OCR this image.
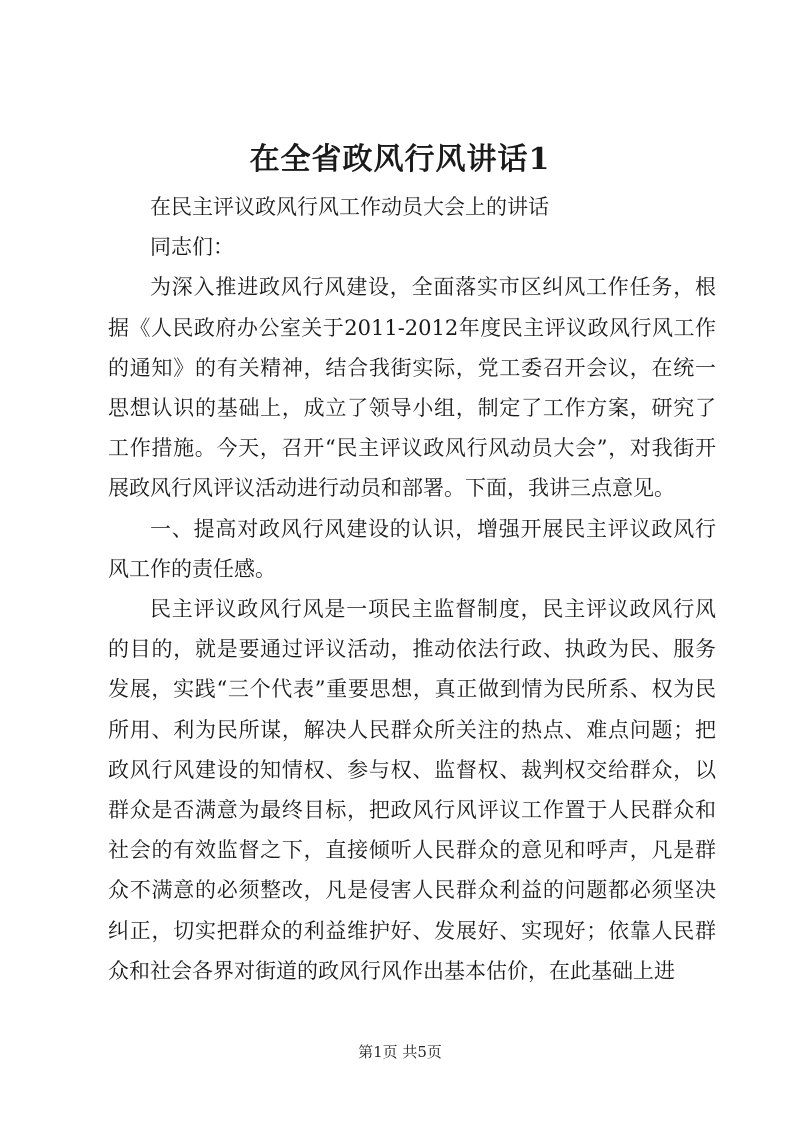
在全省政风行风讲话1

在民主评议政风行风工作动员大会上的讲话

同志们：

为深入推进政风行风建设，全面落实市区纠风工作任务，根据《人民政府办公室关于2011-2012年度民主评议政风行风工作的通知》的有关精神，结合我街实际，党工委召开会议，在统一思想认识的基础上，成立了领导小组，制定了工作方案，研究了工作措施。今天，召开“民主评议政风行风动员大会”，对我街开展政风行风评议活动进行动员和部署。下面，我讲三点意见。

一、提高对政风行风建设的认识，增强开展民主评议政风行风工作的责任感。

民主评议政风行风是一项民主监督制度，民主评议政风行风的目的，就是要通过评议活动，推动依法行政、执政为民、服务发展，实践“三个代表”重要思想，真正做到情为民所系、权为民所用、利为民所谋，解决人民群众所关注的热点、难点问题；把政风行风建设的知情权、参与权、监督权、裁判权交给群众，以群众是否满意为最终目标，把政风行风评议工作置于人民群众和社会的有效监督之下，直接倾听人民群众的意见和呼声，凡是群众不满意的必须整改，凡是侵害人民群众利益的问题都必须坚决纠正，切实把群众的利益维护好、发展好、实现好；依靠人民群众和社会各界对街道的政风行风作出基本估价，在此基础上进

第1页 共5页
